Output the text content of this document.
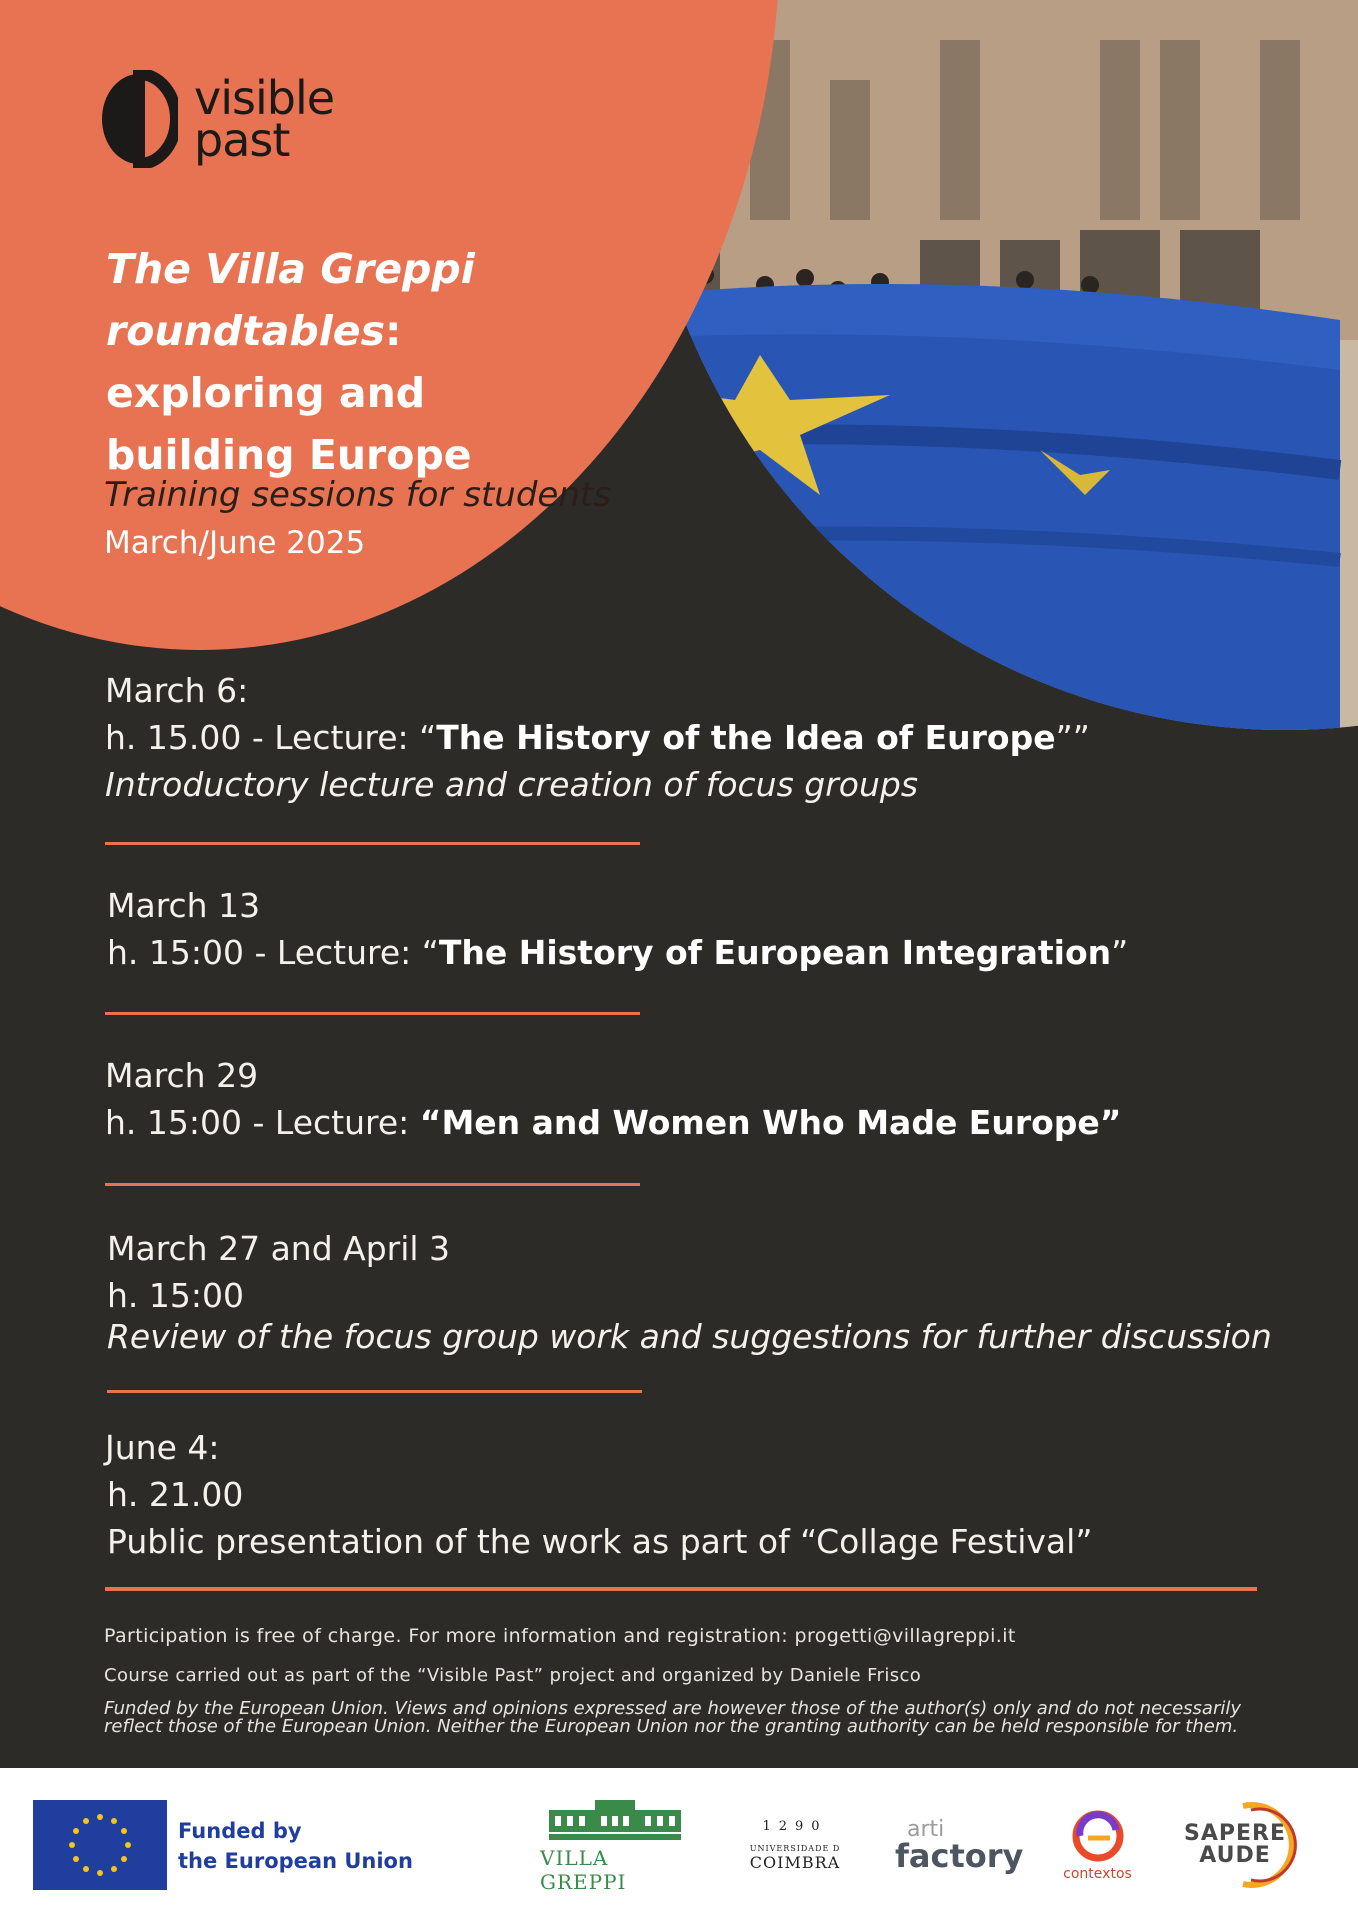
visible
past
The Villa Greppi roundtables:
exploring and
building Europe
Training sessions for students
March/June 2025
March 6:
h. 15.00 - Lecture: “The History of the Idea of Europe””
Introductory lecture and creation of focus groups
March 13
h. 15:00 - Lecture: “The History of European Integration”
March 29
h. 15:00 - Lecture: “Men and Women Who Made Europe”
March 27 and April 3
h. 15:00
Review of the focus group work and suggestions for further discussion
June 4:
h. 21.00
Public presentation of the work as part of “Collage Festival”
Participation is free of charge. For more information and registration: progetti@villagreppi.it
Course carried out as part of the “Visible Past” project and organized by Daniele Frisco
Funded by the European Union. Views and opinions expressed are however those of the author(s) only and do not necessarily
reflect those of the European Union. Neither the European Union nor the granting authority can be held responsible for them.
Funded by
the European Union	VILLA GREPPI
1290
UNIVERSIDADE D
COIMBRA
arti
factory	contextos
SAPERE
AUDE
